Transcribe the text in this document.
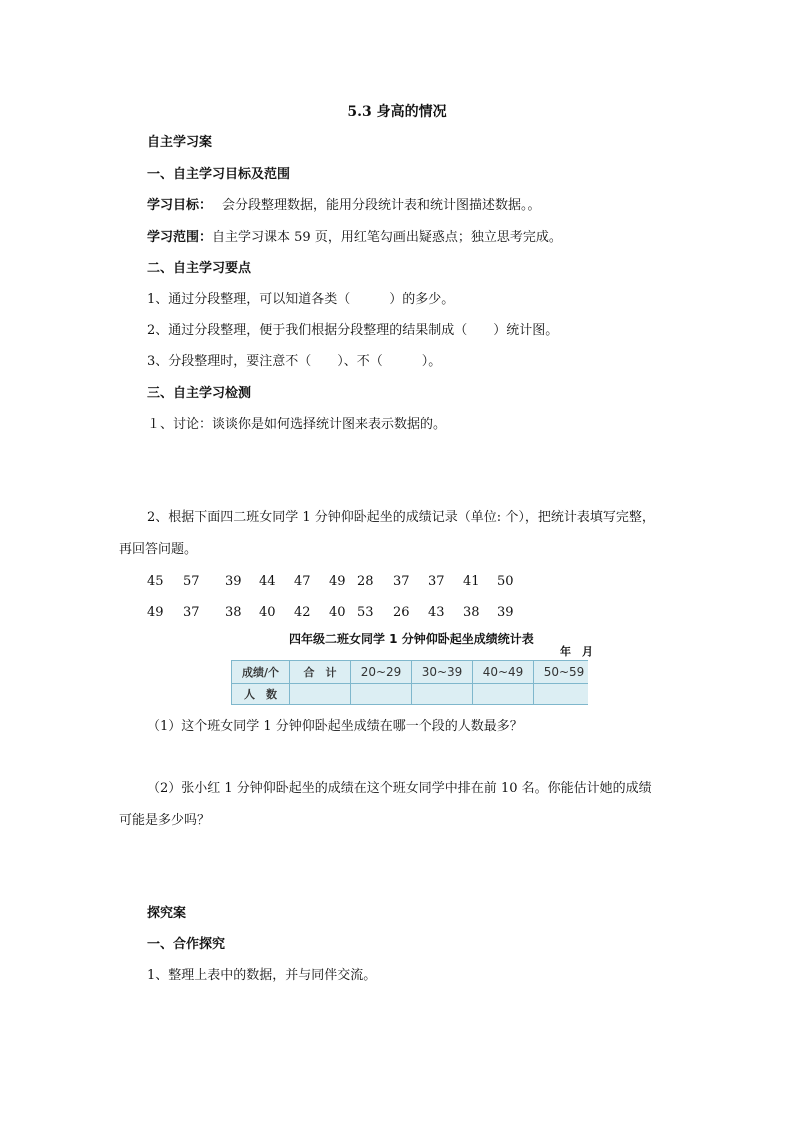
5.3 身高的情况
自主学习案
一、自主学习目标及范围
学习目标： 会分段整理数据，能用分段统计表和统计图描述数据。。
学习范围：自主学习课本 59 页，用红笔勾画出疑惑点；独立思考完成。
二、自主学习要点
1、通过分段整理，可以知道各类（　　　）的多少。
2、通过分段整理，便于我们根据分段整理的结果制成（　　）统计图。
3、分段整理时，要注意不（　　）、不（　　　）。
三、自主学习检测
１、讨论：谈谈你是如何选择统计图来表示数据的。
2、根据下面四二班女同学 1 分钟仰卧起坐的成绩记录（单位: 个），把统计表填写完整，
再回答问题。
45 57 39 44 47 49 28 37 37 41 50
49 37 38 40 42 40 53 26 43 38 39
四年级二班女同学 1 分钟仰卧起坐成绩统计表
年　月
成绩/个	合　计	20~29	30~39	40~49	50~59
人　数					
（1）这个班女同学 1 分钟仰卧起坐成绩在哪一个段的人数最多？
（2）张小红 1 分钟仰卧起坐的成绩在这个班女同学中排在前 10 名。你能估计她的成绩
可能是多少吗？
探究案
一、合作探究
1、整理上表中的数据，并与同伴交流。
